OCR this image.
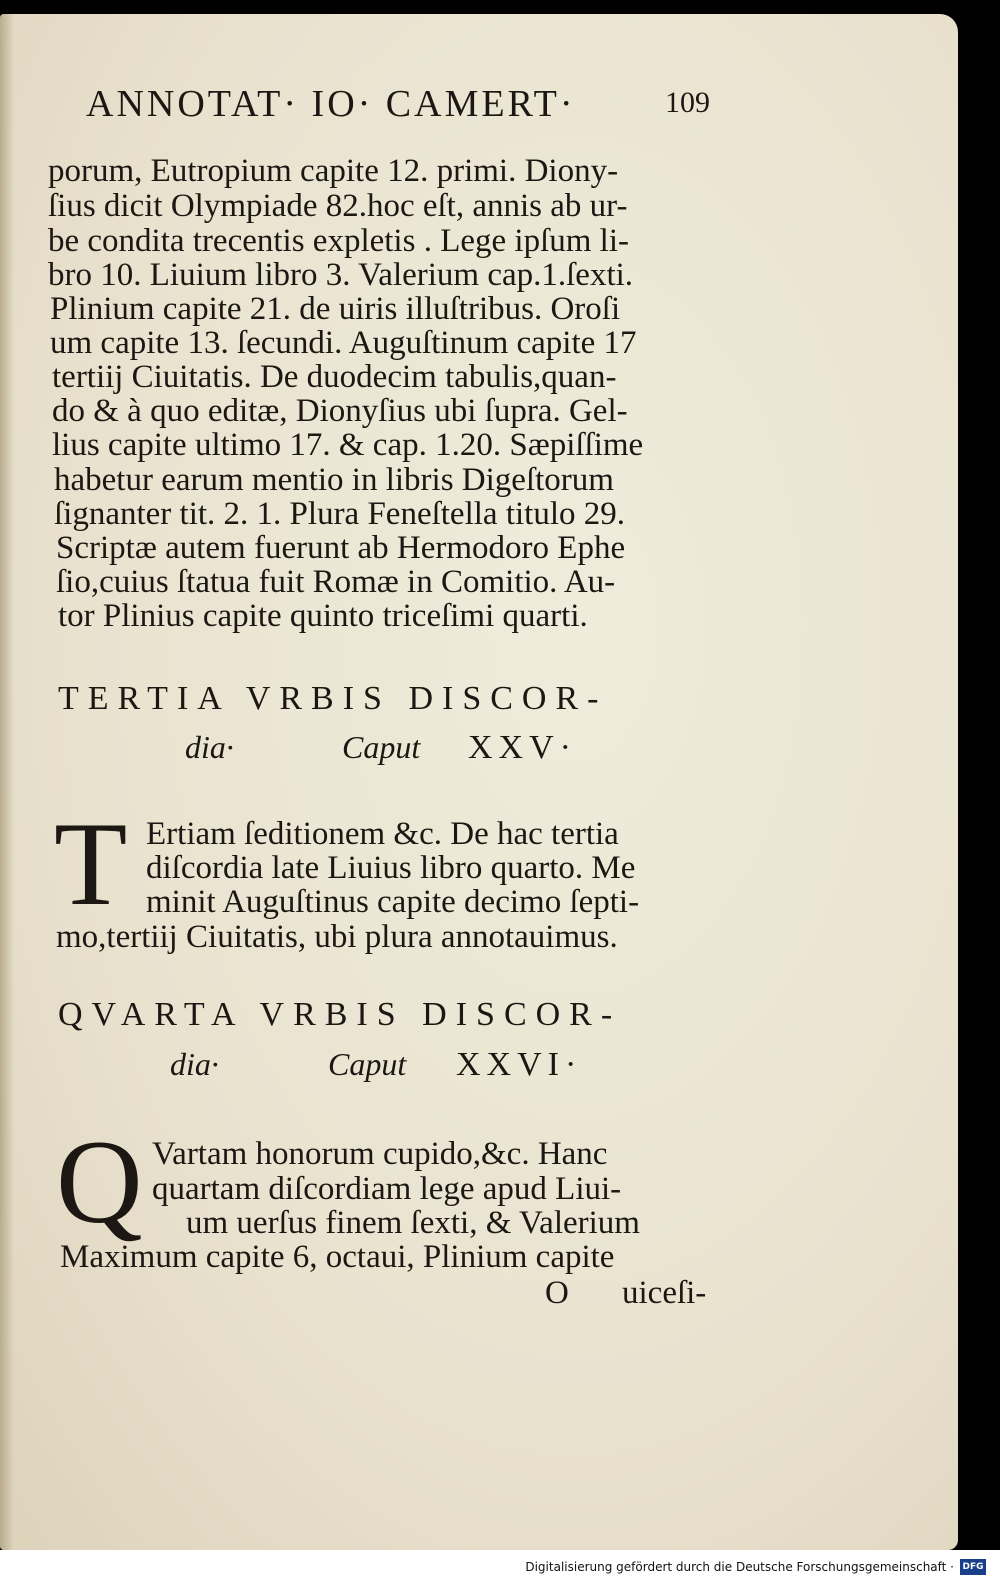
ANNOTAT· IO· CAMERT·	109
porum, Eutropium capite 12. primi. Diony-
ſius dicit Olympiade 82.hoc eſt, annis ab ur-
be condita trecentis expletis . Lege ipſum li-
bro 10. Liuium libro 3. Valerium cap.1.ſexti.
Plinium capite 21. de uiris illuſtribus. Oroſi
um capite 13. ſecundi. Auguſtinum capite 17
tertiĳ Ciuitatis. De duodecim tabulis,quan-
do & à quo editæ, Dionyſius ubi ſupra. Gel-
lius capite ultimo 17. & cap. 1.20. Sæpiſſime
habetur earum mentio in libris Digeſtorum
ſignanter tit. 2. 1. Plura Feneſtella titulo 29.
Scriptæ autem fuerunt ab Hermodoro Ephe
ſio,cuius ſtatua fuit Romæ in Comitio. Au-
tor Plinius capite quinto triceſimi quarti.
TERTIA VRBIS DISCOR-
dia·	Caput XXV·
T Ertiam ſeditionem &c. De hac tertia
diſcordia late Liuius libro quarto. Me
minit Auguſtinus capite decimo ſepti-
mo,tertiĳ Ciuitatis, ubi plura annotauimus.
QVARTA VRBIS DISCOR-
dia·	Caput XXVI·
Q Vartam honorum cupido,&c. Hanc
quartam diſcordiam lege apud Liui-
um uerſus finem ſexti, & Valerium
Maximum capite 6, octaui, Plinium capite
O uiceſi-
Digitalisierung gefördert durch die Deutsche Forschungsgemeinschaft · DFG
